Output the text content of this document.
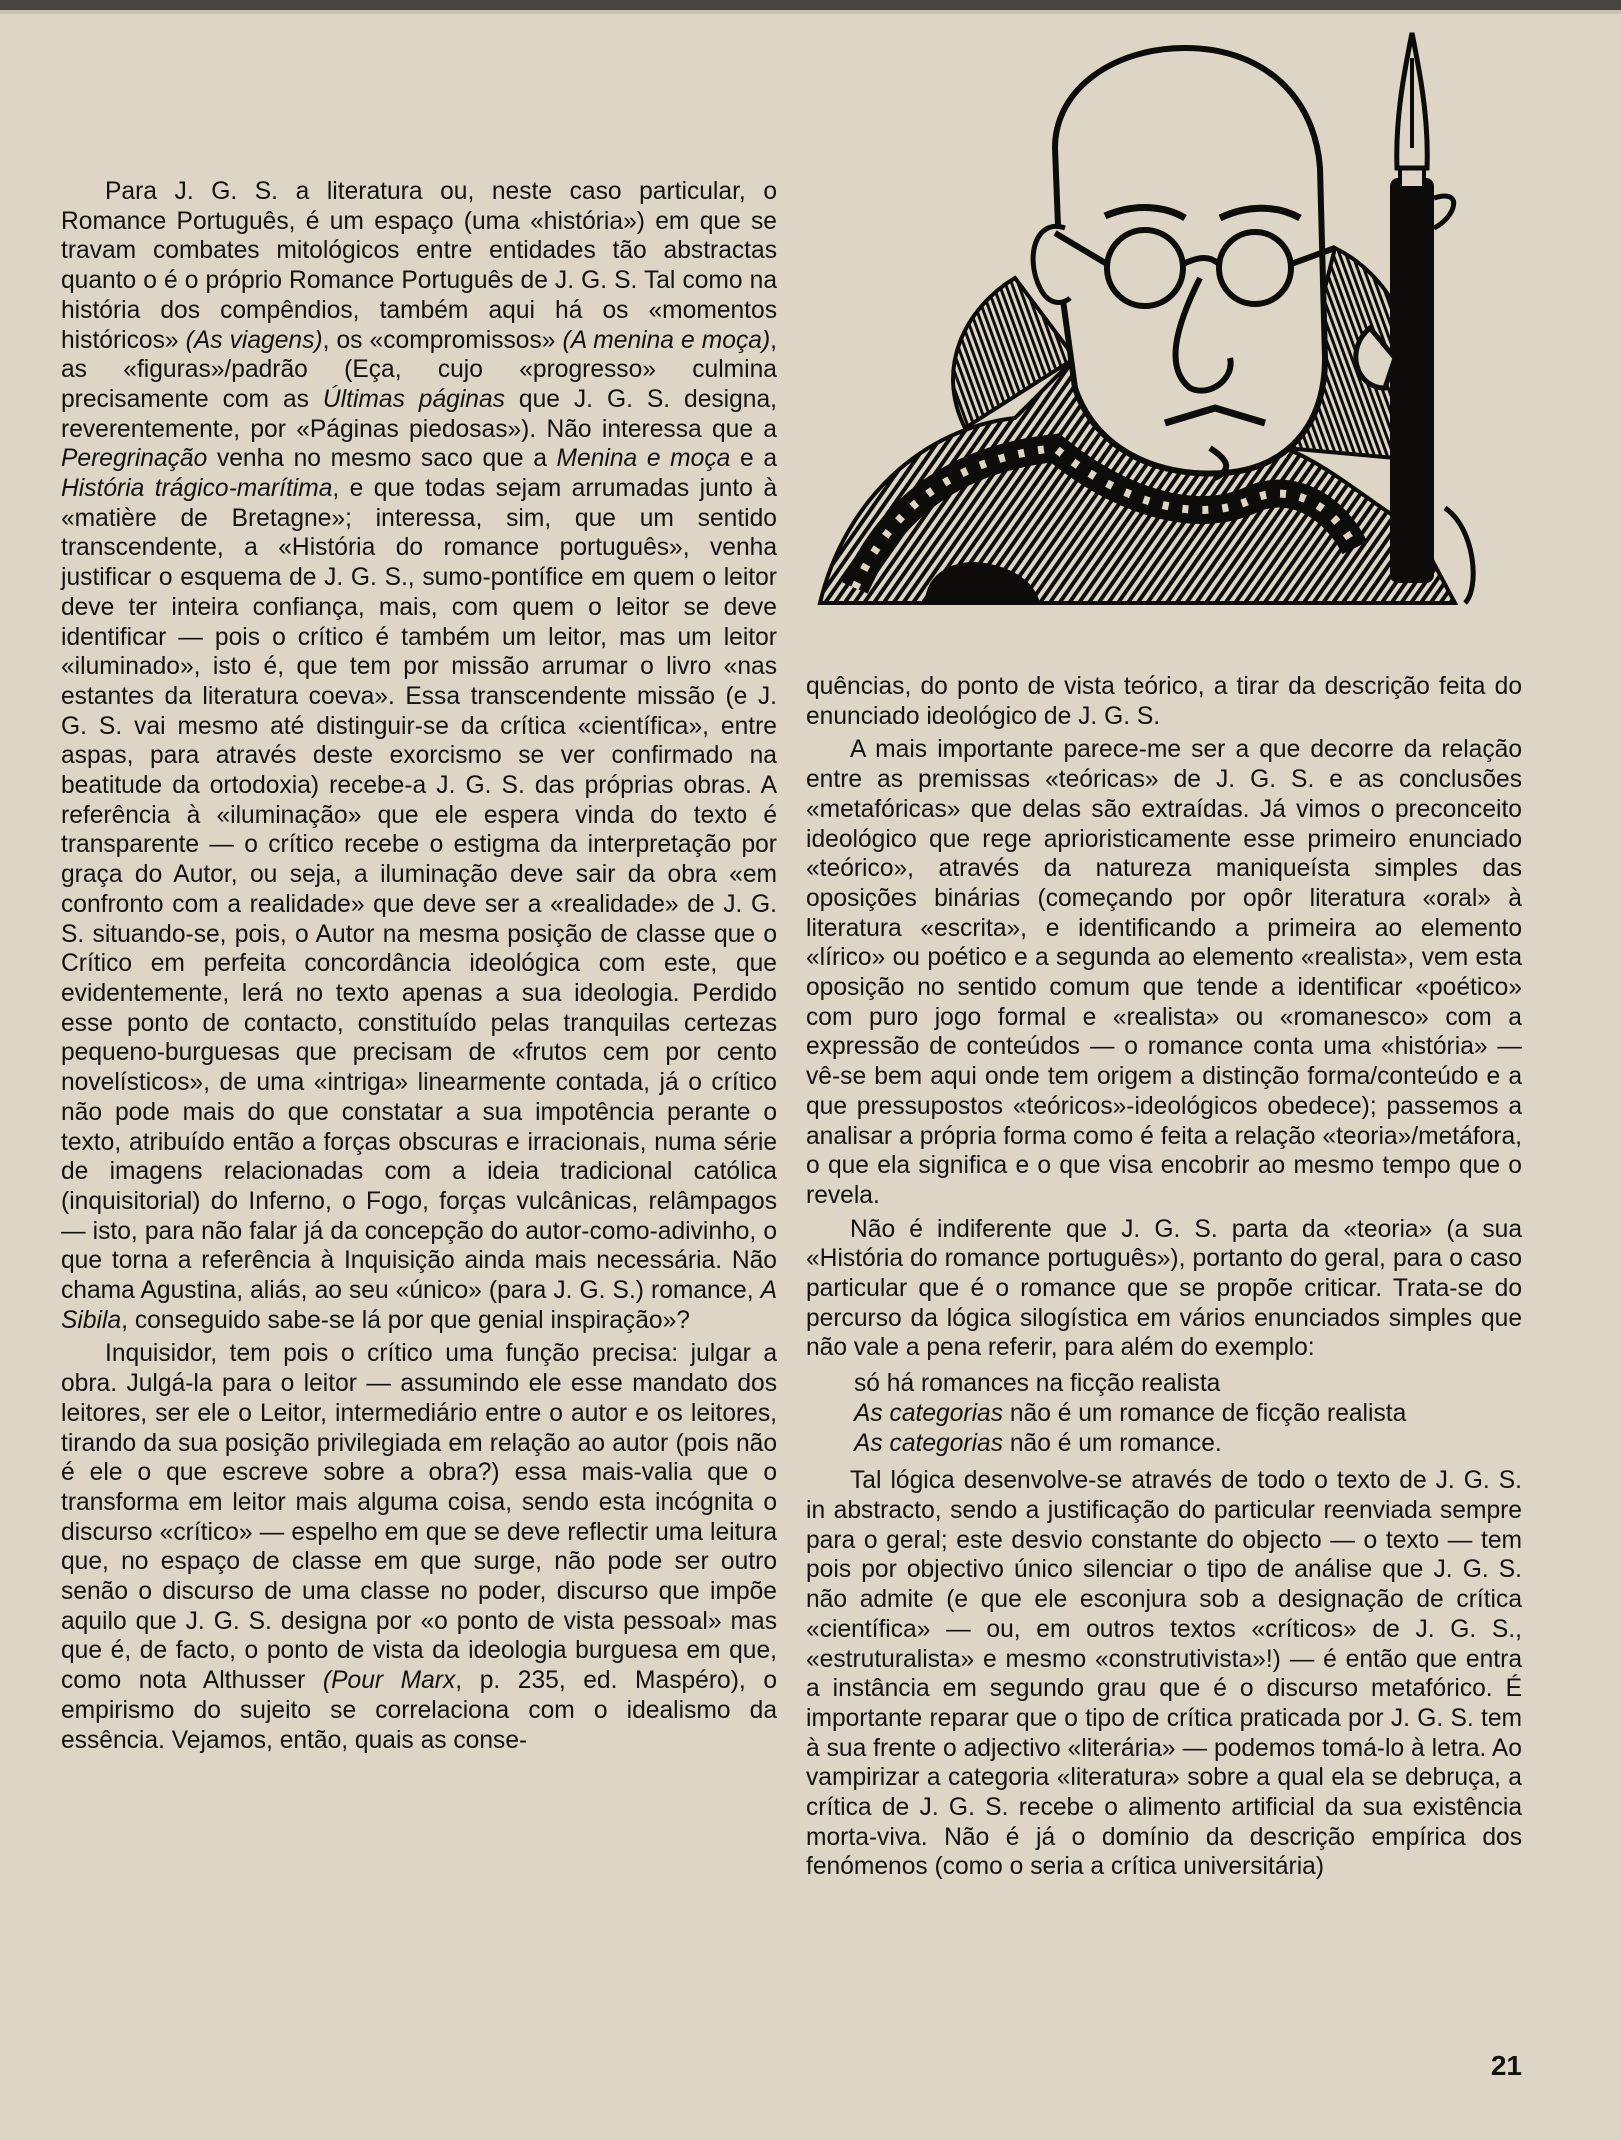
Para J. G. S. a literatura ou, neste caso particular, o Romance Português, é um espaço (uma «história») em que se travam combates mitológicos entre entidades tão abstractas quanto o é o próprio Romance Português de J. G. S. Tal como na história dos compêndios, também aqui há os «momentos históricos» (As viagens), os «compromissos» (A menina e moça), as «figuras»/padrão (Eça, cujo «progresso» culmina precisamente com as Últimas páginas que J. G. S. designa, reverentemente, por «Páginas piedosas»). Não interessa que a Peregrinação venha no mesmo saco que a Menina e moça e a História trágico-marítima, e que todas sejam arrumadas junto à «matière de Bretagne»; interessa, sim, que um sentido transcendente, a «História do romance português», venha justificar o esquema de J. G. S., sumo-pontífice em quem o leitor deve ter inteira confiança, mais, com quem o leitor se deve identificar — pois o crítico é também um leitor, mas um leitor «iluminado», isto é, que tem por missão arrumar o livro «nas estantes da literatura coeva». Essa transcendente missão (e J. G. S. vai mesmo até distinguir-se da crítica «científica», entre aspas, para através deste exorcismo se ver confirmado na beatitude da ortodoxia) recebe-a J. G. S. das próprias obras. A referência à «iluminação» que ele espera vinda do texto é transparente — o crítico recebe o estigma da interpretação por graça do Autor, ou seja, a iluminação deve sair da obra «em confronto com a realidade» que deve ser a «realidade» de J. G. S. situando-se, pois, o Autor na mesma posição de classe que o Crítico em perfeita concordância ideológica com este, que evidentemente, lerá no texto apenas a sua ideologia. Perdido esse ponto de contacto, constituído pelas tranquilas certezas pequeno-burguesas que precisam de «frutos cem por cento novelísticos», de uma «intriga» linearmente contada, já o crítico não pode mais do que constatar a sua impotência perante o texto, atribuído então a forças obscuras e irracionais, numa série de imagens relacionadas com a ideia tradicional católica (inquisitorial) do Inferno, o Fogo, forças vulcânicas, relâmpagos — isto, para não falar já da concepção do autor-como-adivinho, o que torna a referência à Inquisição ainda mais necessária. Não chama Agustina, aliás, ao seu «único» (para J. G. S.) romance, A Sibila, conseguido sabe-se lá por que genial inspiração»?

Inquisidor, tem pois o crítico uma função precisa: julgar a obra. Julgá-la para o leitor — assumindo ele esse mandato dos leitores, ser ele o Leitor, intermediário entre o autor e os leitores, tirando da sua posição privilegiada em relação ao autor (pois não é ele o que escreve sobre a obra?) essa mais-valia que o transforma em leitor mais alguma coisa, sendo esta incógnita o discurso «crítico» — espelho em que se deve reflectir uma leitura que, no espaço de classe em que surge, não pode ser outro senão o discurso de uma classe no poder, discurso que impõe aquilo que J. G. S. designa por «o ponto de vista pessoal» mas que é, de facto, o ponto de vista da ideologia burguesa em que, como nota Althusser (Pour Marx, p. 235, ed. Maspéro), o empirismo do sujeito se correlaciona com o idealismo da essência. Vejamos, então, quais as conse-

quências, do ponto de vista teórico, a tirar da descrição feita do enunciado ideológico de J. G. S.

A mais importante parece-me ser a que decorre da relação entre as premissas «teóricas» de J. G. S. e as conclusões «metafóricas» que delas são extraídas. Já vimos o preconceito ideológico que rege aprioristicamente esse primeiro enunciado «teórico», através da natureza maniqueísta simples das oposições binárias (começando por opôr literatura «oral» à literatura «escrita», e identificando a primeira ao elemento «lírico» ou poético e a segunda ao elemento «realista», vem esta oposição no sentido comum que tende a identificar «poético» com puro jogo formal e «realista» ou «romanesco» com a expressão de conteúdos — o romance conta uma «história» — vê-se bem aqui onde tem origem a distinção forma/conteúdo e a que pressupostos «teóricos»-ideológicos obedece); passemos a analisar a própria forma como é feita a relação «teoria»/metáfora, o que ela significa e o que visa encobrir ao mesmo tempo que o revela.

Não é indiferente que J. G. S. parta da «teoria» (a sua «História do romance português»), portanto do geral, para o caso particular que é o romance que se propõe criticar. Trata-se do percurso da lógica silogística em vários enunciados simples que não vale a pena referir, para além do exemplo:

só há romances na ficção realista
As categorias não é um romance de ficção realista
As categorias não é um romance.

Tal lógica desenvolve-se através de todo o texto de J. G. S. in abstracto, sendo a justificação do particular reenviada sempre para o geral; este desvio constante do objecto — o texto — tem pois por objectivo único silenciar o tipo de análise que J. G. S. não admite (e que ele esconjura sob a designação de crítica «científica» — ou, em outros textos «críticos» de J. G. S., «estruturalista» e mesmo «construtivista»!) — é então que entra a instância em segundo grau que é o discurso metafórico. É importante reparar que o tipo de crítica praticada por J. G. S. tem à sua frente o adjectivo «literária» — podemos tomá-lo à letra. Ao vampirizar a categoria «literatura» sobre a qual ela se debruça, a crítica de J. G. S. recebe o alimento artificial da sua existência morta-viva. Não é já o domínio da descrição empírica dos fenómenos (como o seria a crítica universitária)

21
